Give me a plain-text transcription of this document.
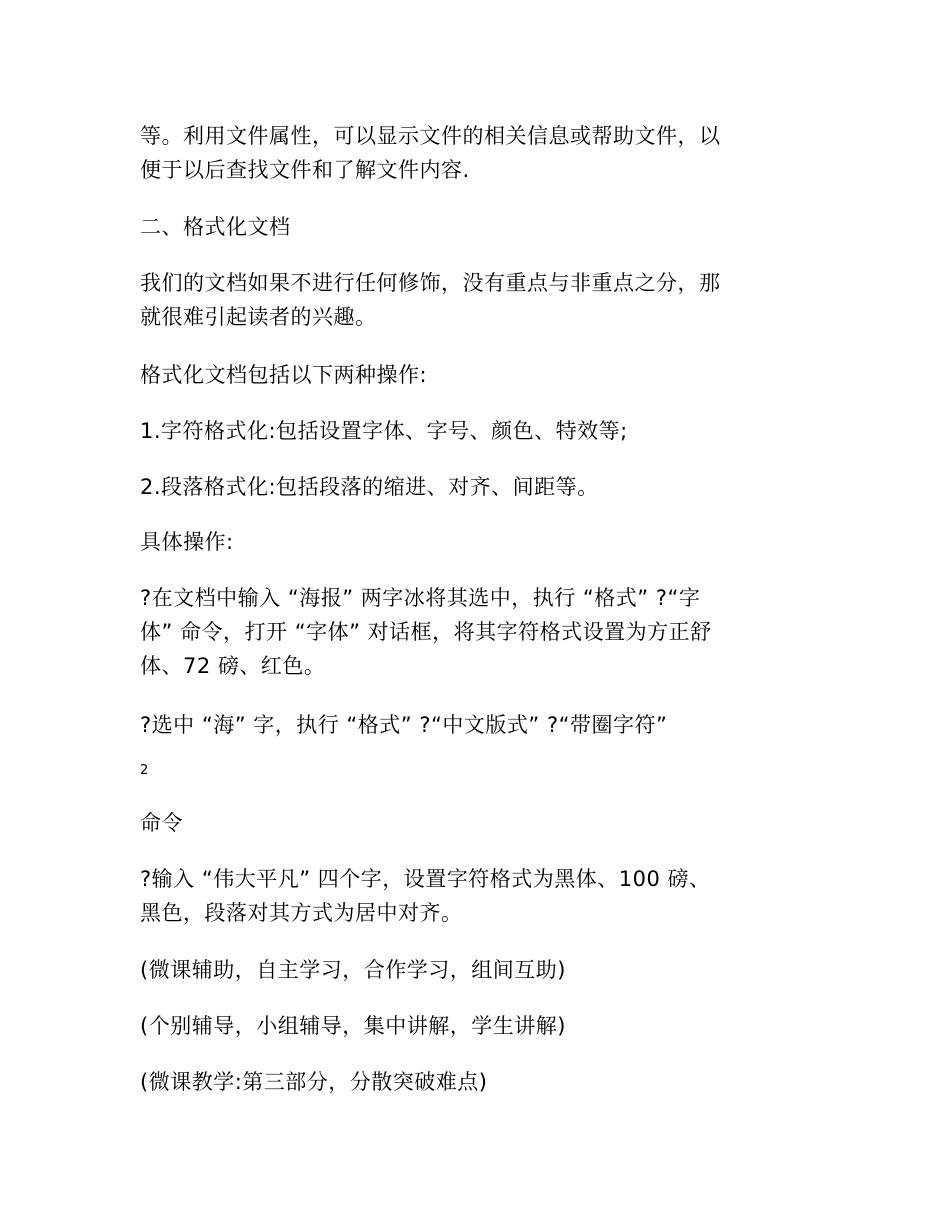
等。利用文件属性，可以显示文件的相关信息或帮助文件，以
便于以后查找文件和了解文件内容.

二、格式化文档

我们的文档如果不进行任何修饰，没有重点与非重点之分，那
就很难引起读者的兴趣。

格式化文档包括以下两种操作:

1.字符格式化:包括设置字体、字号、颜色、特效等;

2.段落格式化:包括段落的缩进、对齐、间距等。

具体操作:

?在文档中输入 “海报” 两字冰将其选中，执行 “格式” ?“字
体” 命令，打开 “字体” 对话框，将其字符格式设置为方正舒
体、72 磅、红色。

?选中 “海” 字，执行 “格式” ?“中文版式” ?“带圈字符”

2

命令

?输入 “伟大平凡” 四个字，设置字符格式为黑体、100 磅、
黑色，段落对其方式为居中对齐。

(微课辅助，自主学习，合作学习，组间互助)

(个别辅导，小组辅导，集中讲解，学生讲解)

(微课教学:第三部分，分散突破难点)
